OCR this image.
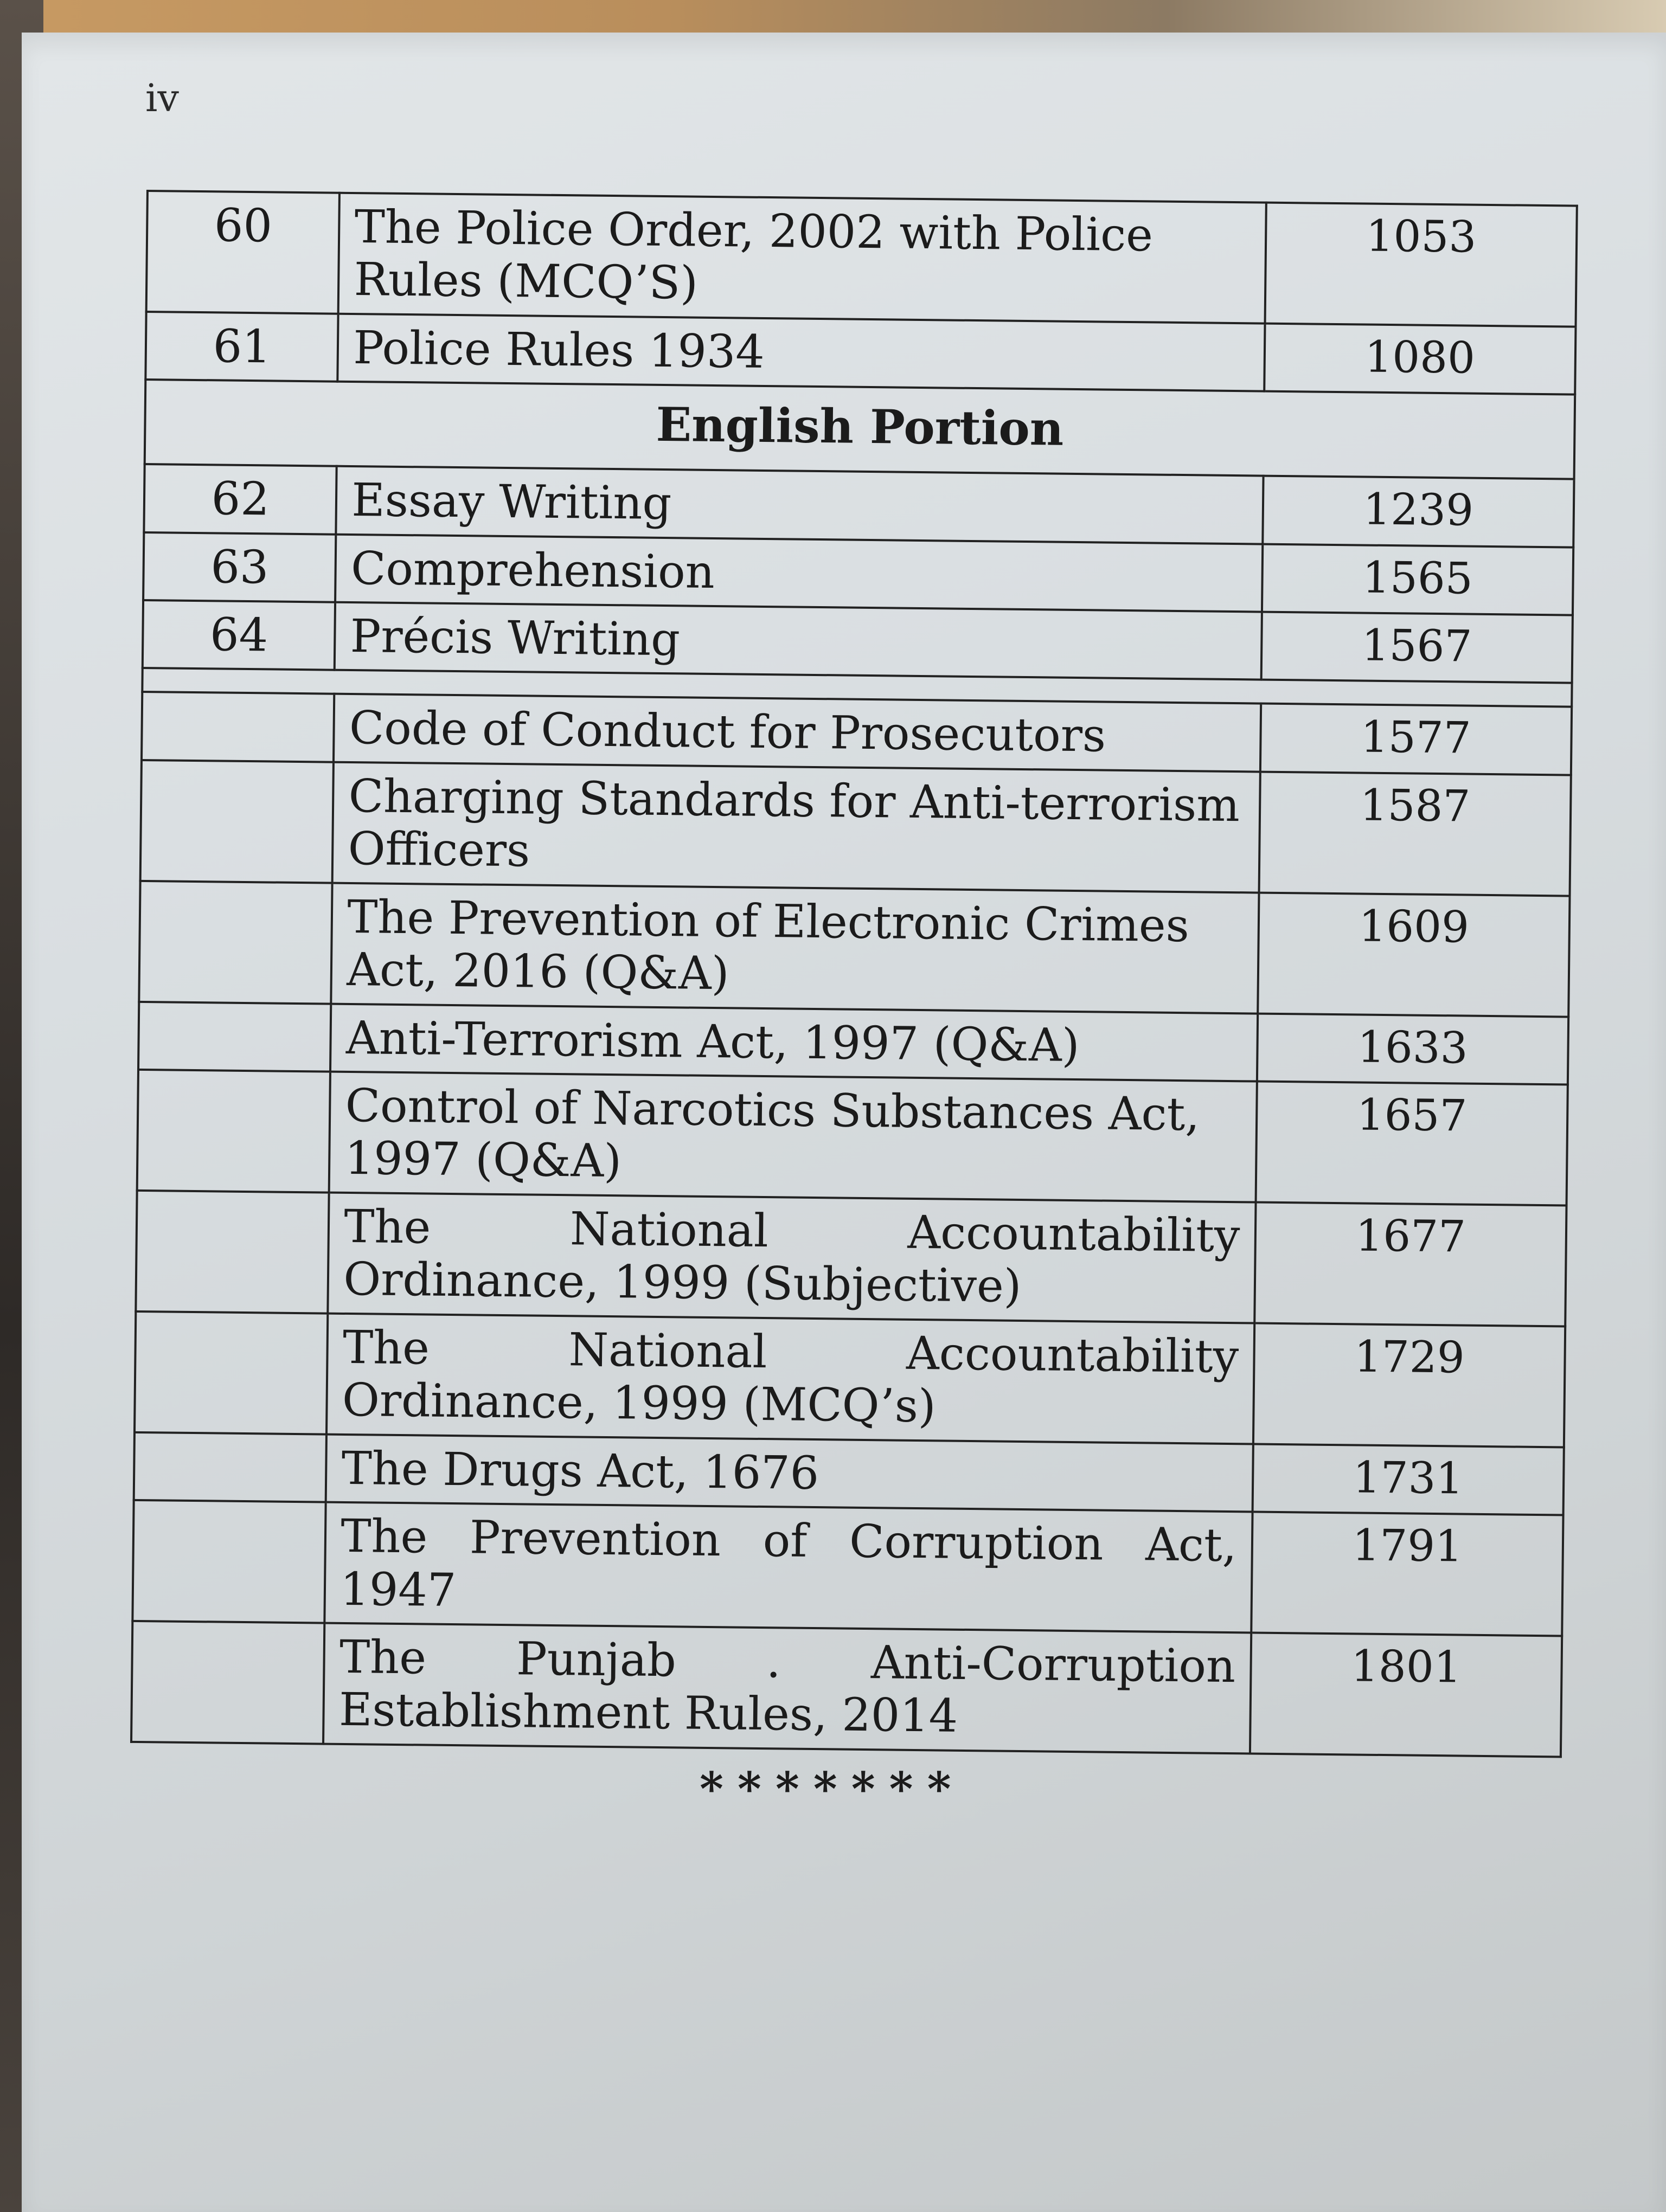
iv
60	The Police Order, 2002 with Police Rules (MCQ’S)	1053
61	Police Rules 1934	1080
English Portion		
62	Essay Writing	1239
63	Comprehension	1565
64	Précis Writing	1567

	Code of Conduct for Prosecutors	1577
	Charging Standards for Anti-terrorism Officers	1587
	The Prevention of Electronic Crimes Act, 2016 (Q&A)	1609
	Anti-Terrorism Act, 1997 (Q&A)	1633
	Control of Narcotics Substances Act, 1997 (Q&A)	1657
	The National Accountability Ordinance, 1999 (Subjective)	1677
	The National Accountability Ordinance, 1999 (MCQ’s)	1729
	The Drugs Act, 1676	1731
	The Prevention of Corruption Act, 1947	1791
	The Punjab . Anti-Corruption Establishment Rules, 2014	1801
*******
